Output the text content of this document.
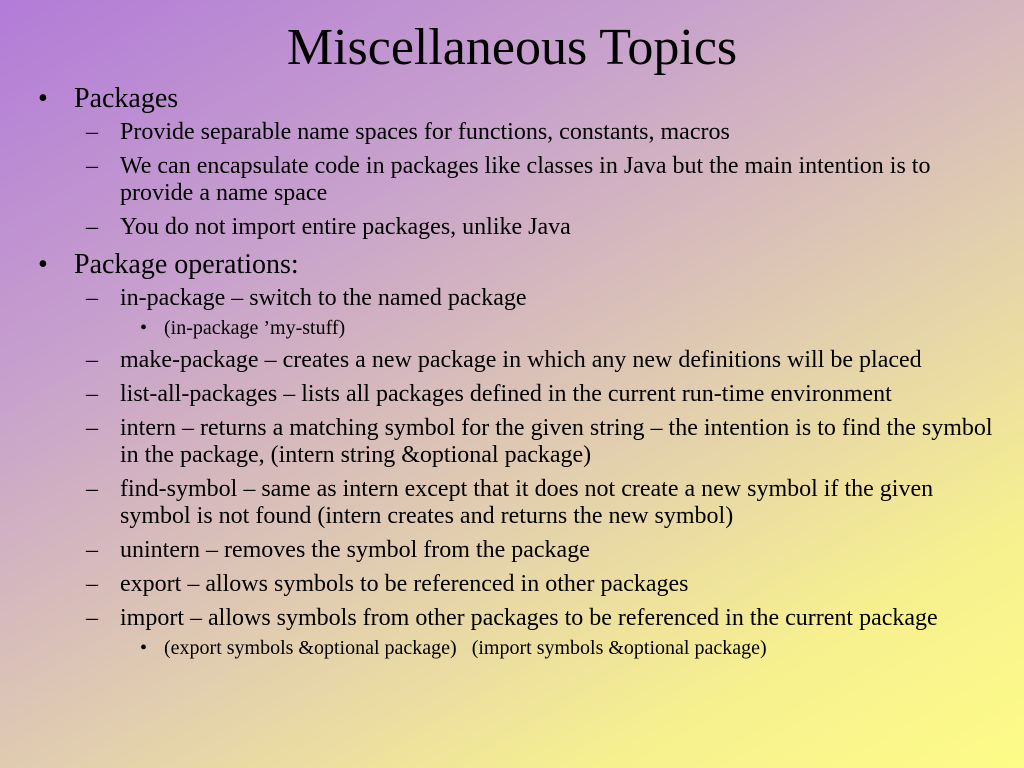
Miscellaneous Topics
• Packages
– Provide separable name spaces for functions, constants, macros
– We can encapsulate code in packages like classes in Java but the main intention is to provide a name space
– You do not import entire packages, unlike Java
• Package operations:
– in-package – switch to the named package
• (in-package ’my-stuff)
– make-package – creates a new package in which any new definitions will be placed
– list-all-packages – lists all packages defined in the current run-time environment
– intern – returns a matching symbol for the given string – the intention is to find the symbol in the package, (intern string &optional package)
– find-symbol – same as intern except that it does not create a new symbol if the given symbol is not found (intern creates and returns the new symbol)
– unintern – removes the symbol from the package
– export – allows symbols to be referenced in other packages
– import – allows symbols from other packages to be referenced in the current package
• (export symbols &optional package)   (import symbols &optional package)
